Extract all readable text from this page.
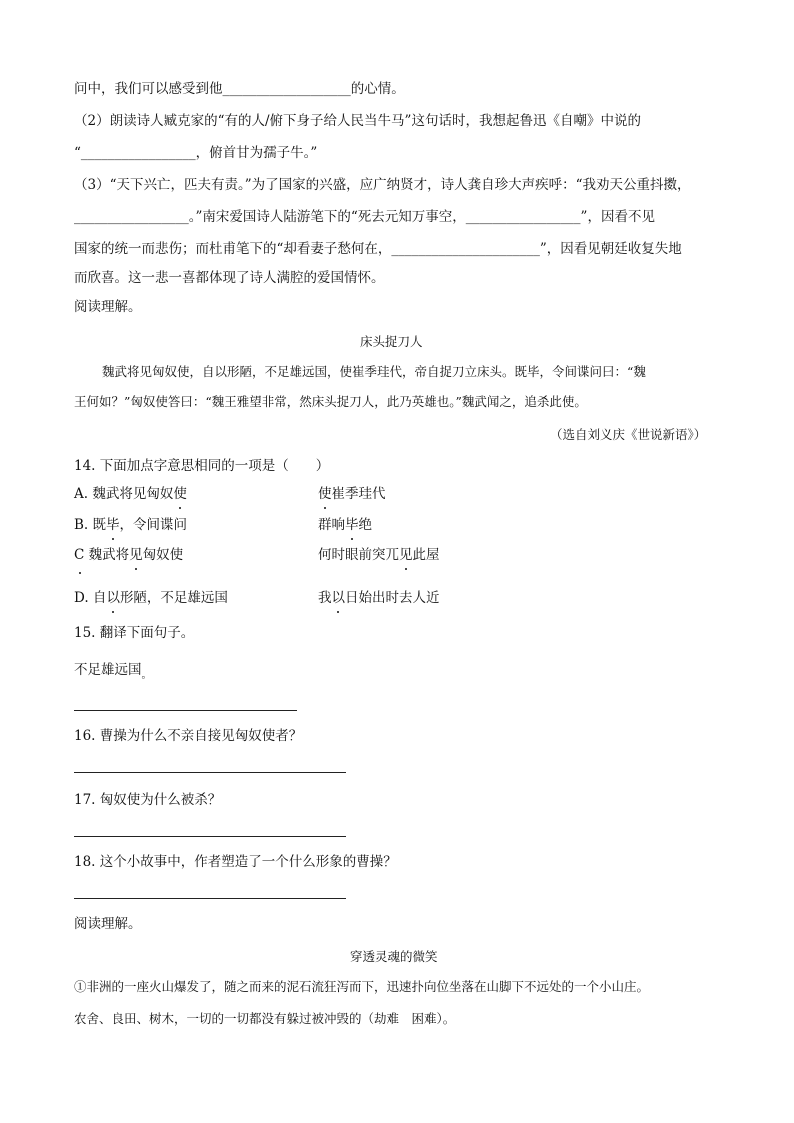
问中，我们可以感受到他___________________的心情。
（2）朗读诗人臧克家的“有的人/俯下身子给人民当牛马”这句话时，我想起鲁迅《自嘲》中说的
“_________________，俯首甘为孺子牛。”
（3）“天下兴亡，匹夫有责。”为了国家的兴盛，应广纳贤才，诗人龚自珍大声疾呼：“我劝天公重抖擞，
_________________。”南宋爱国诗人陆游笔下的“死去元知万事空，_________________”，因看不见
国家的统一而悲伤；而杜甫笔下的“却看妻子愁何在，______________________”，因看见朝廷收复失地
而欣喜。这一悲一喜都体现了诗人满腔的爱国情怀。
阅读理解。
床头捉刀人
魏武将见匈奴使，自以形陋，不足雄远国，使崔季珪代，帝自捉刀立床头。既毕，令间谍问曰：“魏
王何如？”匈奴使答曰：“魏王雅望非常，然床头捉刀人，此乃英雄也。”魏武闻之，追杀此使。
（选自刘义庆《世说新语》）
14. 下面加点字意思相同的一项是（　　）
A. 魏武将见匈奴使	使崔季珪代
B. 既毕，令间谍问	群响毕绝
C 魏武将见匈奴使	何时眼前突兀见此屋
D. 自以形陋，不足雄远国	我以日始出时去人近
15. 翻译下面句子。
不足雄远国$_。$
16. 曹操为什么不亲自接见匈奴使者？
17. 匈奴使为什么被杀？
18. 这个小故事中，作者塑造了一个什么形象的曹操？
阅读理解。
穿透灵魂的微笑
①非洲的一座火山爆发了，随之而来的泥石流狂泻而下，迅速扑向位坐落在山脚下不远处的一个小山庄。
农舍、良田、树木，一切的一切都没有躲过被冲毁的（劫难　困难）。
